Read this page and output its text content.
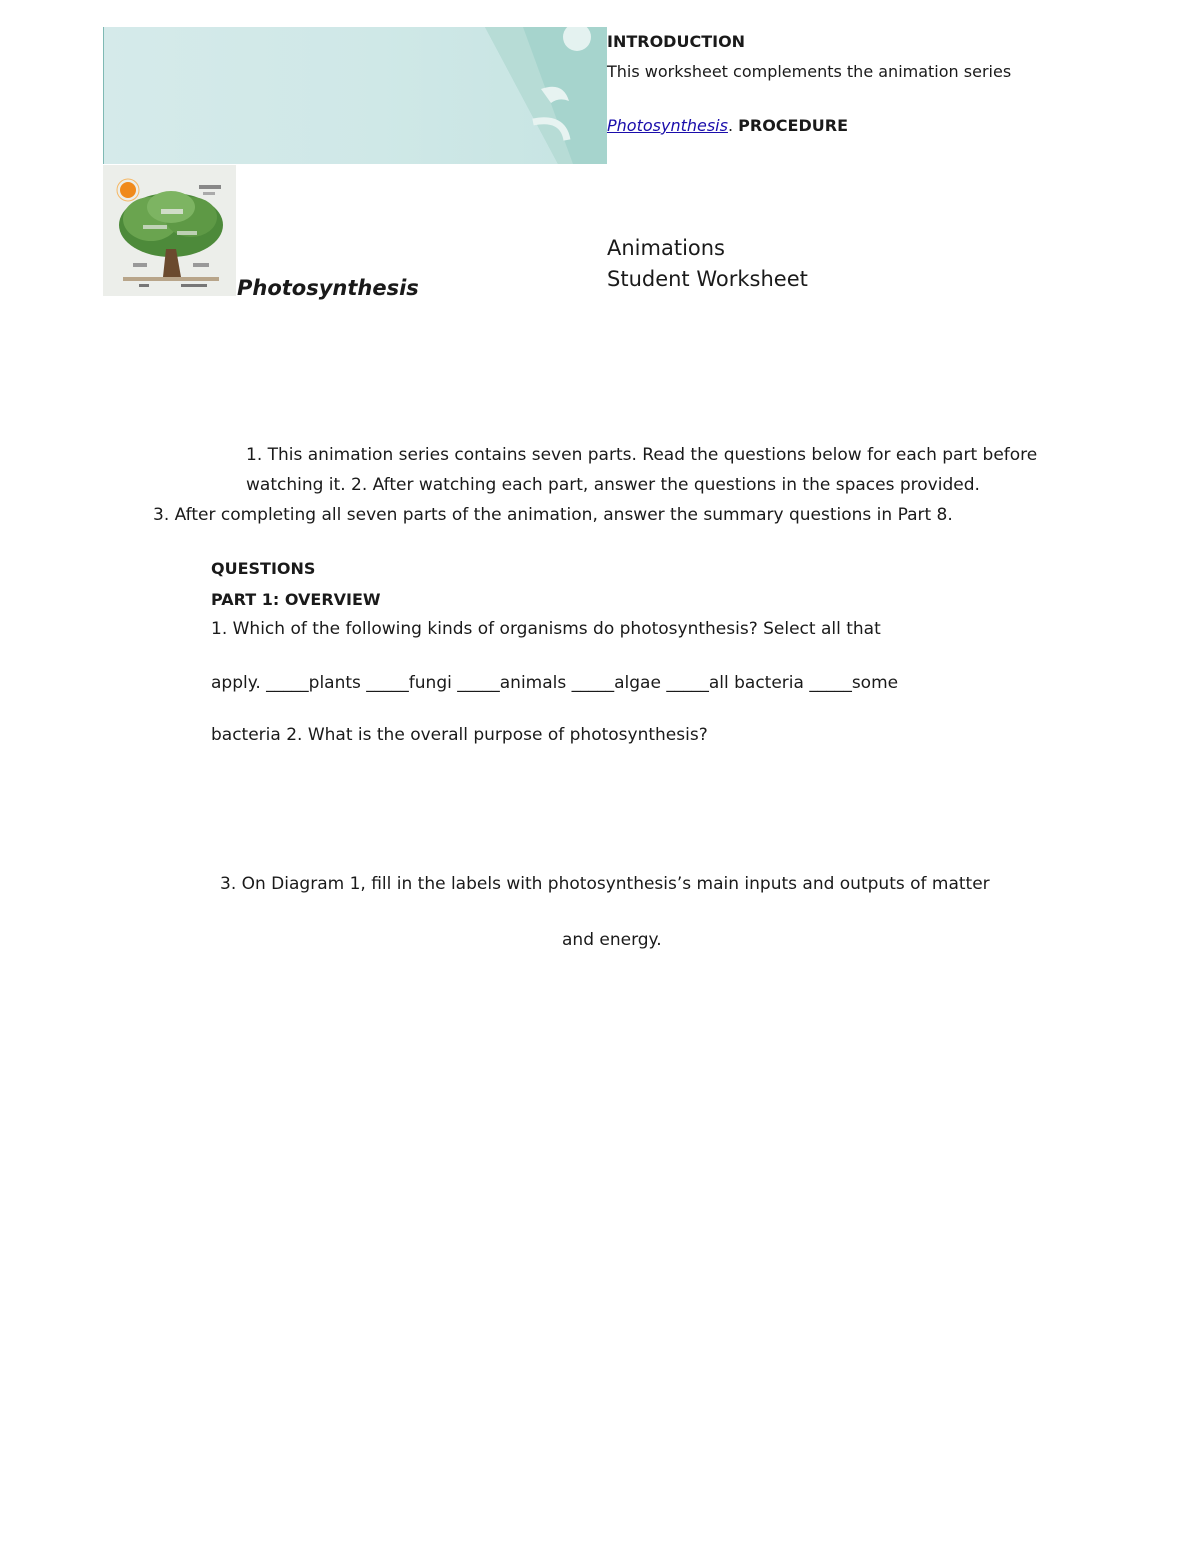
INTRODUCTION
This worksheet complements the animation series
Photosynthesis. PROCEDURE
Animations
Student Worksheet
Photosynthesis
1. This animation series contains seven parts. Read the questions below for each part before
watching it. 2. After watching each part, answer the questions in the spaces provided.
3. After completing all seven parts of the animation, answer the summary questions in Part 8.
QUESTIONS
PART 1: OVERVIEW
1. Which of the following kinds of organisms do photosynthesis? Select all that
apply. _____plants _____fungi _____animals _____algae _____all bacteria _____some
bacteria 2. What is the overall purpose of photosynthesis?
3. On Diagram 1, fill in the labels with photosynthesis’s main inputs and outputs of matter
and energy.
